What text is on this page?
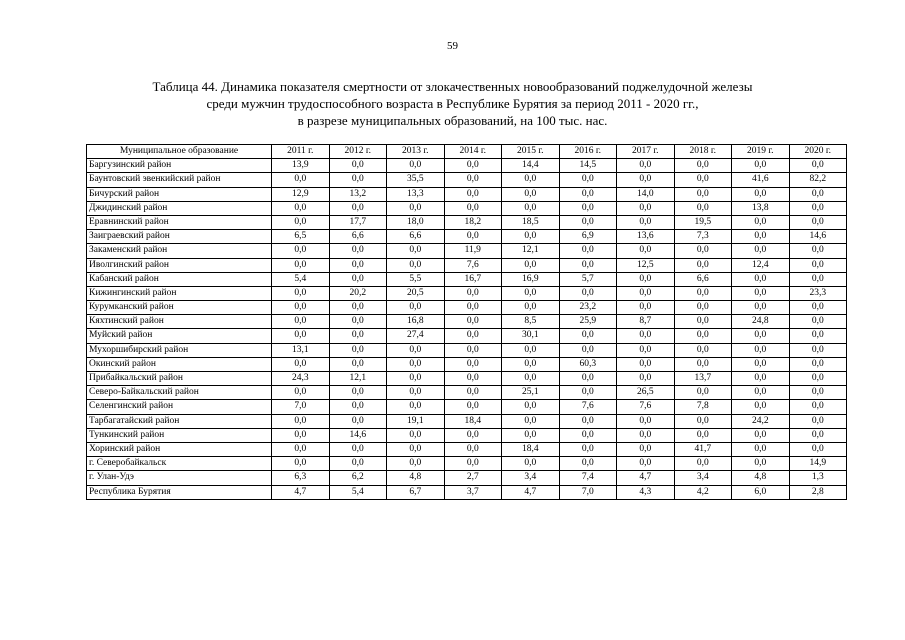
59
Таблица 44. Динамика показателя смертности от злокачественных новообразований поджелудочной железы
среди мужчин трудоспособного возраста в Республике Бурятия за период 2011 - 2020 гг.,
в разрезе муниципальных образований, на 100 тыс. нас.
Муниципальное образование	2011 г.	2012 г.	2013 г.	2014 г.	2015 г.	2016 г.	2017 г.	2018 г.	2019 г.	2020 г.
Баргузинский район	13,9	0,0	0,0	0,0	14,4	14,5	0,0	0,0	0,0	0,0
Баунтовский эвенкийский район	0,0	0,0	35,5	0,0	0,0	0,0	0,0	0,0	41,6	82,2
Бичурский район	12,9	13,2	13,3	0,0	0,0	0,0	14,0	0,0	0,0	0,0
Джидинский район	0,0	0,0	0,0	0,0	0,0	0,0	0,0	0,0	13,8	0,0
Еравнинский район	0,0	17,7	18,0	18,2	18,5	0,0	0,0	19,5	0,0	0,0
Заиграевский район	6,5	6,6	6,6	0,0	0,0	6,9	13,6	7,3	0,0	14,6
Закаменский район	0,0	0,0	0,0	11,9	12,1	0,0	0,0	0,0	0,0	0,0
Иволгинский район	0,0	0,0	0,0	7,6	0,0	0,0	12,5	0,0	12,4	0,0
Кабанский район	5,4	0,0	5,5	16,7	16,9	5,7	0,0	6,6	0,0	0,0
Кижингинский район	0,0	20,2	20,5	0,0	0,0	0,0	0,0	0,0	0,0	23,3
Курумканский район	0,0	0,0	0,0	0,0	0,0	23,2	0,0	0,0	0,0	0,0
Кяхтинский район	0,0	0,0	16,8	0,0	8,5	25,9	8,7	0,0	24,8	0,0
Муйский район	0,0	0,0	27,4	0,0	30,1	0,0	0,0	0,0	0,0	0,0
Мухоршибирский район	13,1	0,0	0,0	0,0	0,0	0,0	0,0	0,0	0,0	0,0
Окинский район	0,0	0,0	0,0	0,0	0,0	60,3	0,0	0,0	0,0	0,0
Прибайкальский район	24,3	12,1	0,0	0,0	0,0	0,0	0,0	13,7	0,0	0,0
Северо-Байкальский район	0,0	0,0	0,0	0,0	25,1	0,0	26,5	0,0	0,0	0,0
Селенгинский район	7,0	0,0	0,0	0,0	0,0	7,6	7,6	7,8	0,0	0,0
Тарбагатайский район	0,0	0,0	19,1	18,4	0,0	0,0	0,0	0,0	24,2	0,0
Тункинский район	0,0	14,6	0,0	0,0	0,0	0,0	0,0	0,0	0,0	0,0
Хоринский район	0,0	0,0	0,0	0,0	18,4	0,0	0,0	41,7	0,0	0,0
г. Северобайкальск	0,0	0,0	0,0	0,0	0,0	0,0	0,0	0,0	0,0	14,9
г. Улан-Удэ	6,3	6,2	4,8	2,7	3,4	7,4	4,7	3,4	4,8	1,3
Республика Бурятия	4,7	5,4	6,7	3,7	4,7	7,0	4,3	4,2	6,0	2,8
